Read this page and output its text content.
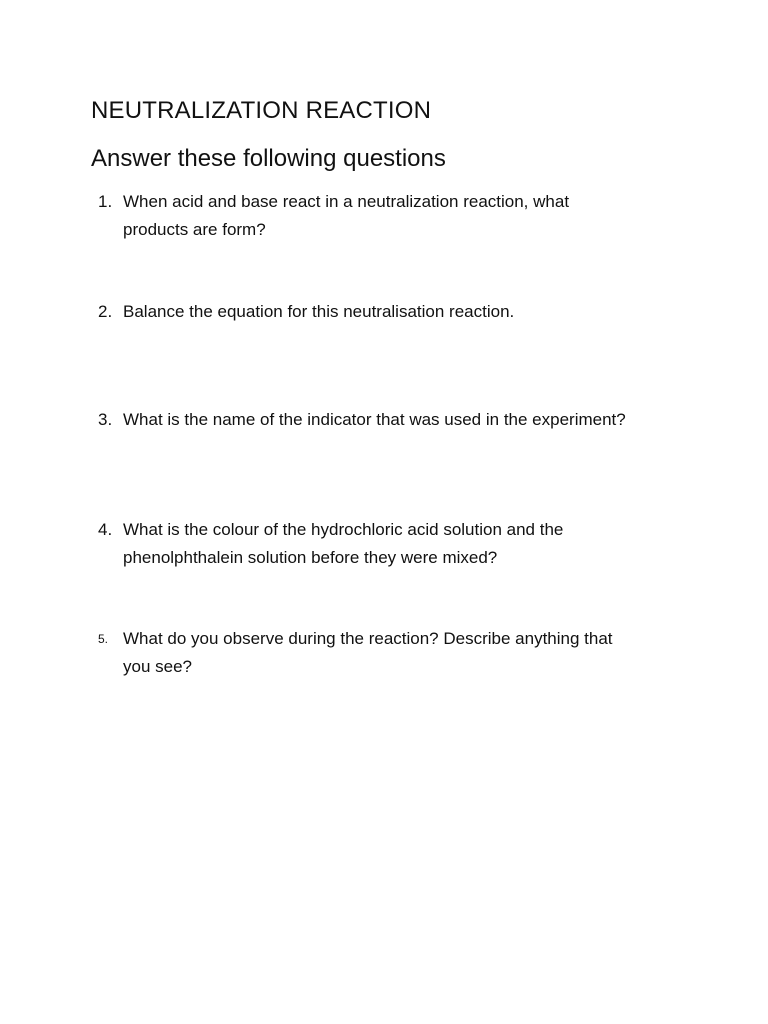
NEUTRALIZATION REACTION
Answer these following questions
1. When acid and base react in a neutralization reaction, what
products are form?
2. Balance the equation for this neutralisation reaction.
3. What is the name of the indicator that was used in the experiment?
4. What is the colour of the hydrochloric acid solution and the
phenolphthalein solution before they were mixed?
5. What do you observe during the reaction? Describe anything that
you see?
